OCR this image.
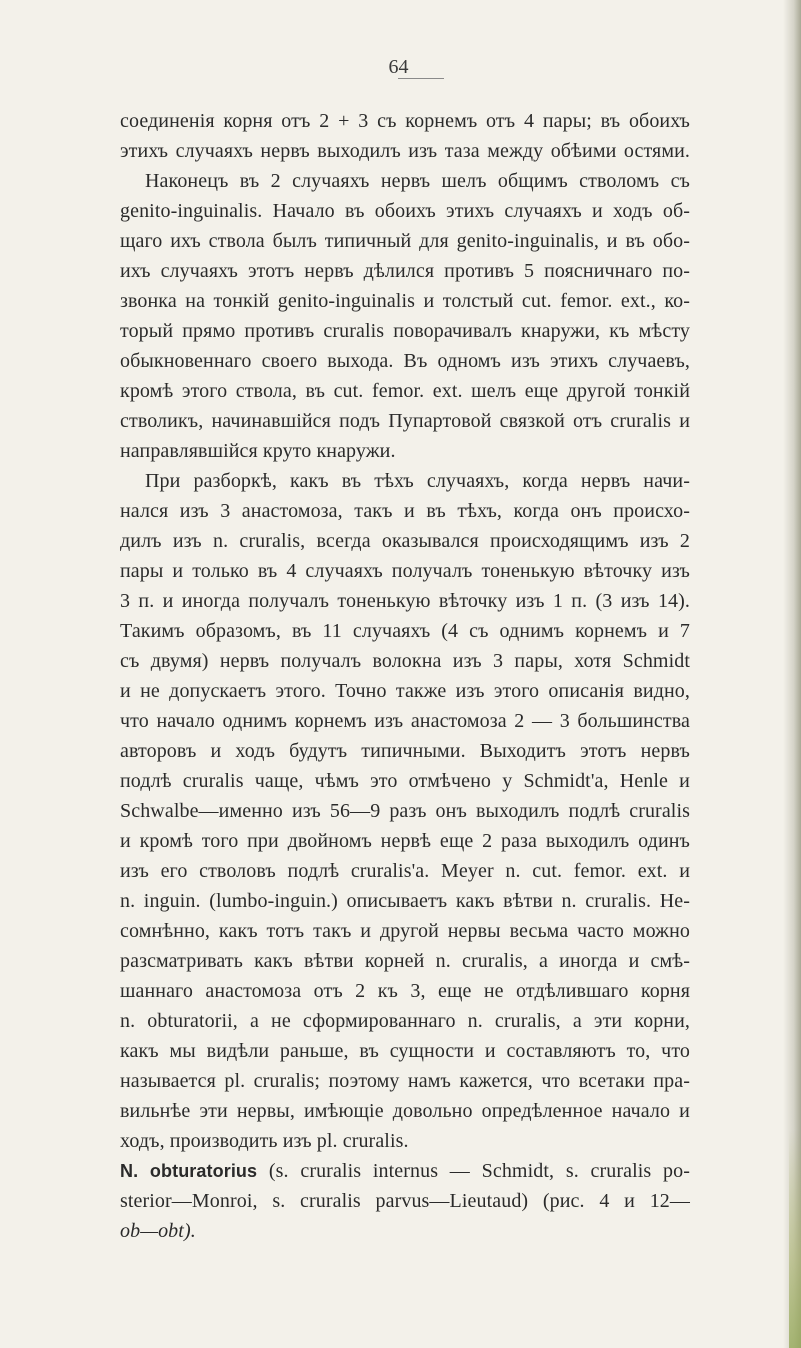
64
соединенія корня отъ 2 + 3 съ корнемъ отъ 4 пары; въ обоихъ
этихъ случаяхъ нервъ выходилъ изъ таза между обѣими остями.
Наконецъ въ 2 случаяхъ нервъ шелъ общимъ стволомъ съ
genito-inguinalis. Начало въ обоихъ этихъ случаяхъ и ходъ об-
щаго ихъ ствола былъ типичный для genito-inguinalis, и въ обо-
ихъ случаяхъ этотъ нервъ дѣлился противъ 5 поясничнаго по-
звонка на тонкій genito-inguinalis и толстый cut. femor. ext., ко-
торый прямо противъ cruralis поворачивалъ кнаружи, къ мѣсту
обыкновеннаго своего выхода. Въ одномъ изъ этихъ случаевъ,
кромѣ этого ствола, въ cut. femor. ext. шелъ еще другой тонкій
стволикъ, начинавшійся подъ Пупартовой связкой отъ cruralis и
направлявшійся круто кнаружи.
При разборкѣ, какъ въ тѣхъ случаяхъ, когда нервъ начи-
нался изъ 3 анастомоза, такъ и въ тѣхъ, когда онъ происхо-
дилъ изъ n. cruralis, всегда оказывался происходящимъ изъ 2
пары и только въ 4 случаяхъ получалъ тоненькую вѣточку изъ
3 п. и иногда получалъ тоненькую вѣточку изъ 1 п. (3 изъ 14).
Такимъ образомъ, въ 11 случаяхъ (4 съ однимъ корнемъ и 7
съ двумя) нервъ получалъ волокна изъ 3 пары, хотя Schmidt
и не допускаетъ этого. Точно также изъ этого описанія видно,
что начало однимъ корнемъ изъ анастомоза 2 — 3 большинства
авторовъ и ходъ будутъ типичными. Выходитъ этотъ нервъ
подлѣ cruralis чаще, чѣмъ это отмѣчено у Schmidt'a, Henle и
Schwalbe—именно изъ 56—9 разъ онъ выходилъ подлѣ cruralis
и кромѣ того при двойномъ нервѣ еще 2 раза выходилъ одинъ
изъ его стволовъ подлѣ cruralis'a. Meyer n. cut. femor. ext. и
n. inguin. (lumbo-inguin.) описываетъ какъ вѣтви n. cruralis. Не-
сомнѣнно, какъ тотъ такъ и другой нервы весьма часто можно
разсматривать какъ вѣтви корней n. cruralis, а иногда и смѣ-
шаннаго анастомоза отъ 2 къ 3, еще не отдѣлившаго корня
n. obturatorii, а не сформированнаго n. cruralis, а эти корни,
какъ мы видѣли раньше, въ сущности и составляютъ то, что
называется pl. cruralis; поэтому намъ кажется, что всетаки пра-
вильнѣе эти нервы, имѣющіе довольно опредѣленное начало и
ходъ, производить изъ pl. cruralis.
N. obturatorius (s. cruralis internus — Schmidt, s. cruralis po-
sterior—Monroi, s. cruralis parvus—Lieutaud) (рис. 4 и 12—
ob—obt).
